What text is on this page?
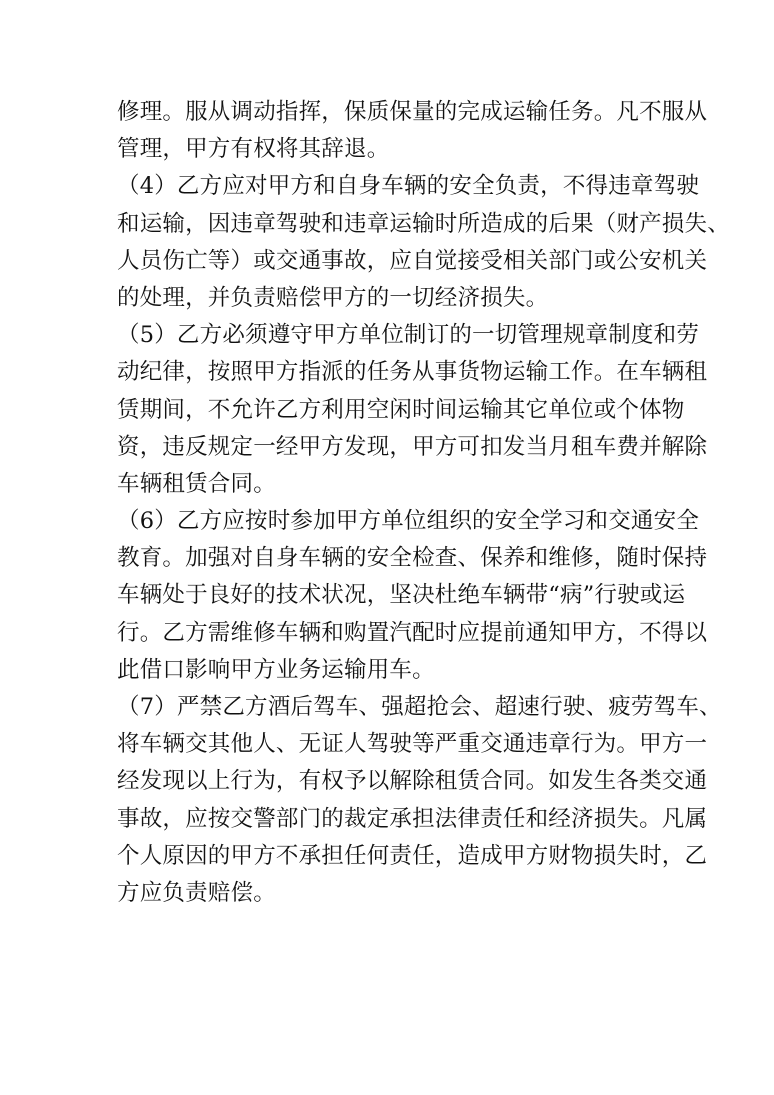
修理。服从调动指挥，保质保量的完成运输任务。凡不服从
管理，甲方有权将其辞退。
（4）乙方应对甲方和自身车辆的安全负责，不得违章驾驶
和运输，因违章驾驶和违章运输时所造成的后果（财产损失、
人员伤亡等）或交通事故，应自觉接受相关部门或公安机关
的处理，并负责赔偿甲方的一切经济损失。
（5）乙方必须遵守甲方单位制订的一切管理规章制度和劳
动纪律，按照甲方指派的任务从事货物运输工作。在车辆租
赁期间，不允许乙方利用空闲时间运输其它单位或个体物
资，违反规定一经甲方发现，甲方可扣发当月租车费并解除
车辆租赁合同。
（6）乙方应按时参加甲方单位组织的安全学习和交通安全
教育。加强对自身车辆的安全检查、保养和维修，随时保持
车辆处于良好的技术状况，坚决杜绝车辆带“病”行驶或运
行。乙方需维修车辆和购置汽配时应提前通知甲方，不得以
此借口影响甲方业务运输用车。
（7）严禁乙方酒后驾车、强超抢会、超速行驶、疲劳驾车、
将车辆交其他人、无证人驾驶等严重交通违章行为。甲方一
经发现以上行为，有权予以解除租赁合同。如发生各类交通
事故，应按交警部门的裁定承担法律责任和经济损失。凡属
个人原因的甲方不承担任何责任，造成甲方财物损失时，乙
方应负责赔偿。
